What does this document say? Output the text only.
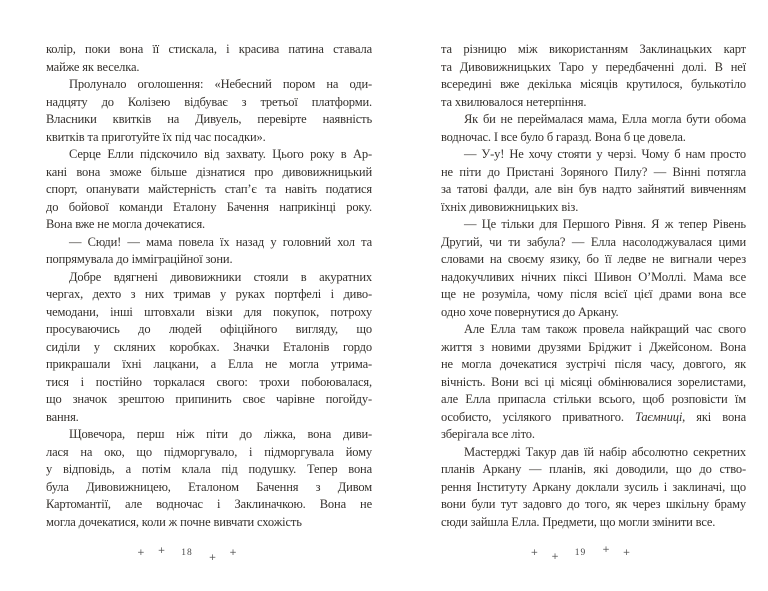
колір, поки вона її стискала, і красива патина ставала
майже як веселка.
Пролунало оголошення: «Небесний пором на оди-
надцяту до Колізею відбуває з третьої платформи.
Власники квитків на Дивуель, перевірте наявність
квитків та приготуйте їх під час посадки».
Серце Елли підскочило від захвату. Цього року в Ар-
кані вона зможе більше дізнатися про дивовижницький
спорт, опанувати майстерність стап’є та навіть податися
до бойової команди Еталону Бачення наприкінці року.
Вона вже не могла дочекатися.
— Сюди! — мама повела їх назад у головний хол та
попрямувала до імміграційної зони.
Добре вдягнені дивовижники стояли в акуратних
чергах, дехто з них тримав у руках портфелі і диво-
чемодани, інші штовхали візки для покупок, потроху
просуваючись до людей офіційного вигляду, що
сиділи у скляних коробках. Значки Еталонів гордо
прикрашали їхні лацкани, а Елла не могла утрима-
тися і постійно торкалася свого: трохи побоювалася,
що значок зрештою припинить своє чарівне погойду-
вання.
Щовечора, перш ніж піти до ліжка, вона диви-
лася на око, що підморгувало, і підморгувала йому
у відповідь, а потім клала під подушку. Тепер вона
була Дивовижницею, Еталоном Бачення з Дивом
Картомантії, але водночас і Заклиначкою. Вона не
могла дочекатися, коли ж почне вивчати схожість
+ + 18 + +
та різницю між використанням Заклинацьких карт
та Дивовижницьких Таро у передбаченні долі. В неї
всередині вже декілька місяців крутилося, булькотіло
та хвилювалося нетерпіння.
Як би не переймалася мама, Елла могла бути обома
водночас. І все було б гаразд. Вона б це довела.
— У-у! Не хочу стояти у черзі. Чому б нам просто
не піти до Пристані Зоряного Пилу? — Вінні потягла
за татові фалди, але він був надто зайнятий вивченням
їхніх дивовижницьких віз.
— Це тільки для Першого Рівня. Я ж тепер Рівень
Другий, чи ти забула? — Елла насолоджувалася цими
словами на своєму язику, бо її ледве не вигнали через
надокучливих нічних піксі Шивон О’Моллі. Мама все
ще не розуміла, чому після всієї цієї драми вона все
одно хоче повернутися до Аркану.
Але Елла там також провела найкращий час свого
життя з новими друзями Бріджит і Джейсоном. Вона
не могла дочекатися зустрічі після часу, довгого, як
вічність. Вони всі ці місяці обмінювалися зорелистами,
але Елла припасла стільки всього, щоб розповісти їм
особисто, усілякого приватного. Таємниці, які вона
зберігала все літо.
Мастерджі Такур дав їй набір абсолютно секретних
планів Аркану — планів, які доводили, що до ство-
рення Інституту Аркану доклали зусиль і заклиначі, що
вони були тут задовго до того, як через шкільну браму
сюди зайшла Елла. Предмети, що могли змінити все.
+ + 19 + +
